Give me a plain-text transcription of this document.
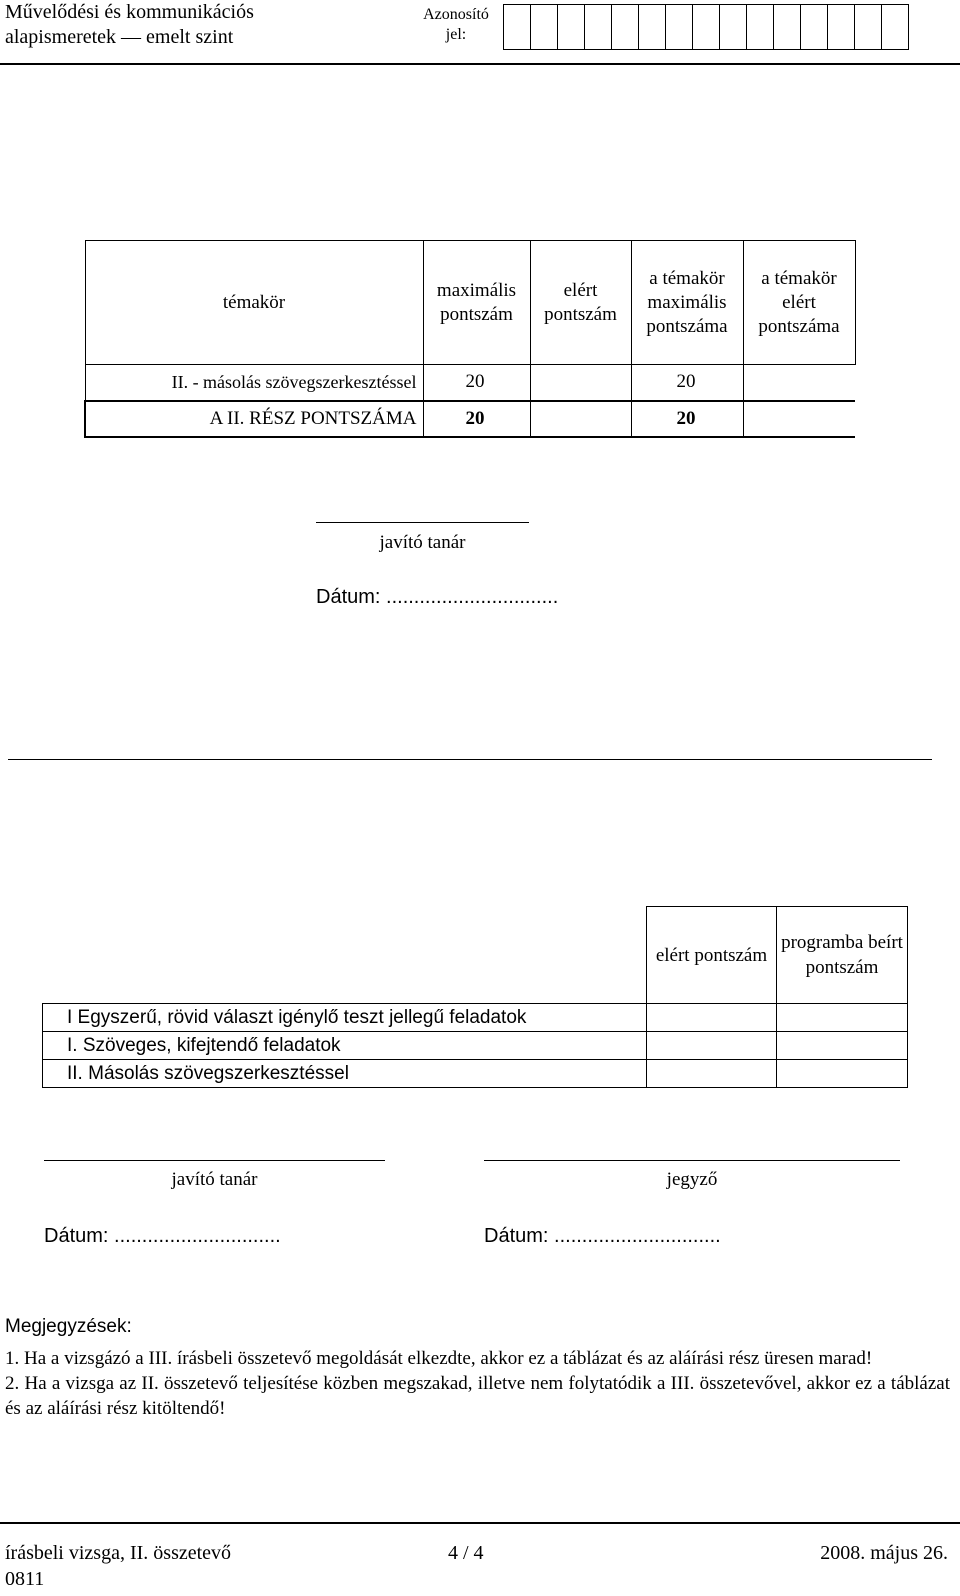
Művelődési és kommunikációs
alapismeretek — emelt szint
Azonosító
jel:
témakör	maximális pontszám	elért pontszám	a témakör maximális pontszáma	a témakör elért pontszáma
II. - másolás szövegszerkesztéssel	20		20	
A II. RÉSZ PONTSZÁMA	20		20	
javító tanár
Dátum: ...............................
	elért pontszám	programba beírt pontszám
I Egyszerű, rövid választ igénylő teszt jellegű feladatok		
I. Szöveges, kifejtendő feladatok		
II. Másolás szövegszerkesztéssel		
javító tanár
Dátum: ..............................
jegyző
Dátum: ..............................

Megjegyzések:

1. Ha a vizsgázó a III. írásbeli összetevő megoldását elkezdte, akkor ez a táblázat és az aláírási rész üresen marad!

2. Ha a vizsga az II. összetevő teljesítése közben megszakad, illetve nem folytatódik a III. összetevővel, akkor ez a táblázat és az aláírási rész kitöltendő!

írásbeli vizsga, II. összetevő
0811
4 / 4	2008. május 26.
